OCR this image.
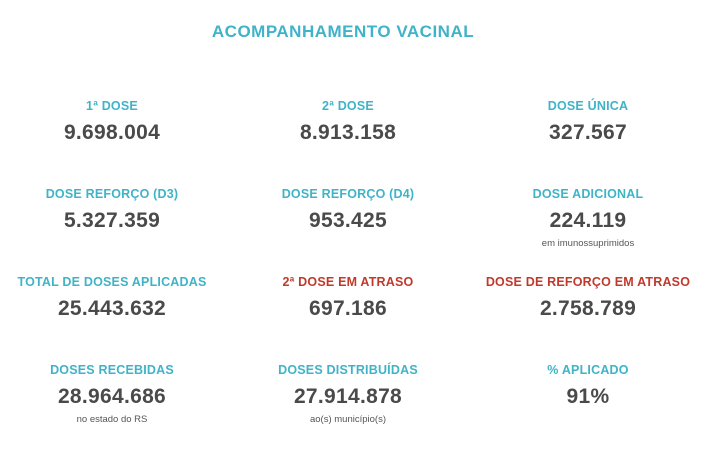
ACOMPANHAMENTO VACINAL
1ª DOSE
9.698.004
2ª DOSE
8.913.158
DOSE ÚNICA
327.567
DOSE REFORÇO (D3)
5.327.359
DOSE REFORÇO (D4)
953.425
DOSE ADICIONAL
224.119
em imunossuprimidos
TOTAL DE DOSES APLICADAS
25.443.632
2ª DOSE EM ATRASO
697.186
DOSE DE REFORÇO EM ATRASO
2.758.789
DOSES RECEBIDAS
28.964.686
no estado do RS
DOSES DISTRIBUÍDAS
27.914.878
ao(s) município(s)
% APLICADO
91%
